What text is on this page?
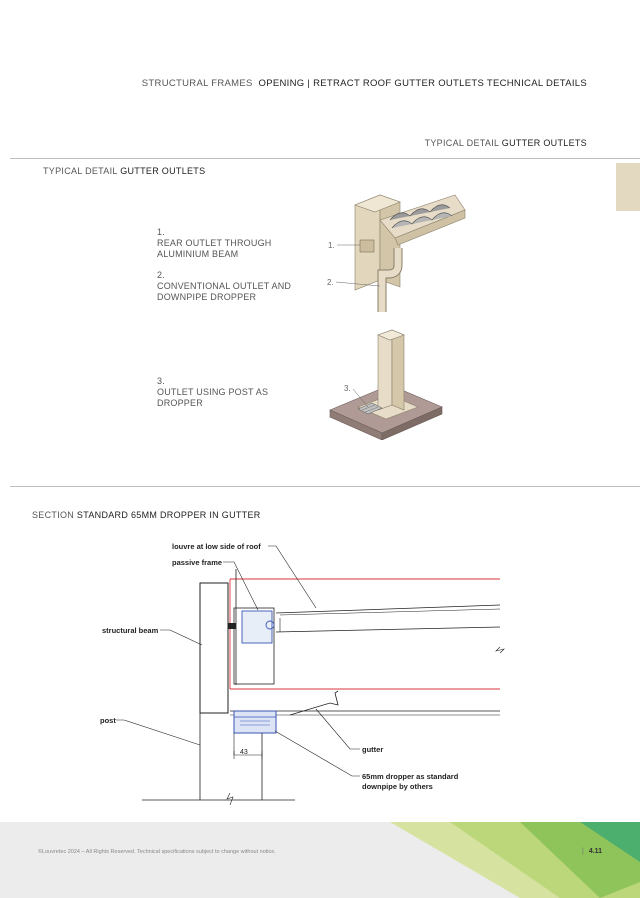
STRUCTURAL FRAMES OPENING | RETRACT ROOF GUTTER OUTLETS TECHNICAL DETAILS
TYPICAL DETAIL GUTTER OUTLETS
TYPICAL DETAIL GUTTER OUTLETS
1.
REAR OUTLET THROUGH
ALUMINIUM BEAM
2.
CONVENTIONAL OUTLET AND
DOWNPIPE DROPPER
3.
OUTLET USING POST AS
DROPPER
1.
2.
3.
SECTION STANDARD 65MM DROPPER IN GUTTER
43
louvre at low side of roof
passive frame
structural beam
post
gutter
65mm dropper as standard
downpipe by others
©Louvretec 2024 – All Rights Reserved. Technical specifications subject to change without notice.	| 4.11
